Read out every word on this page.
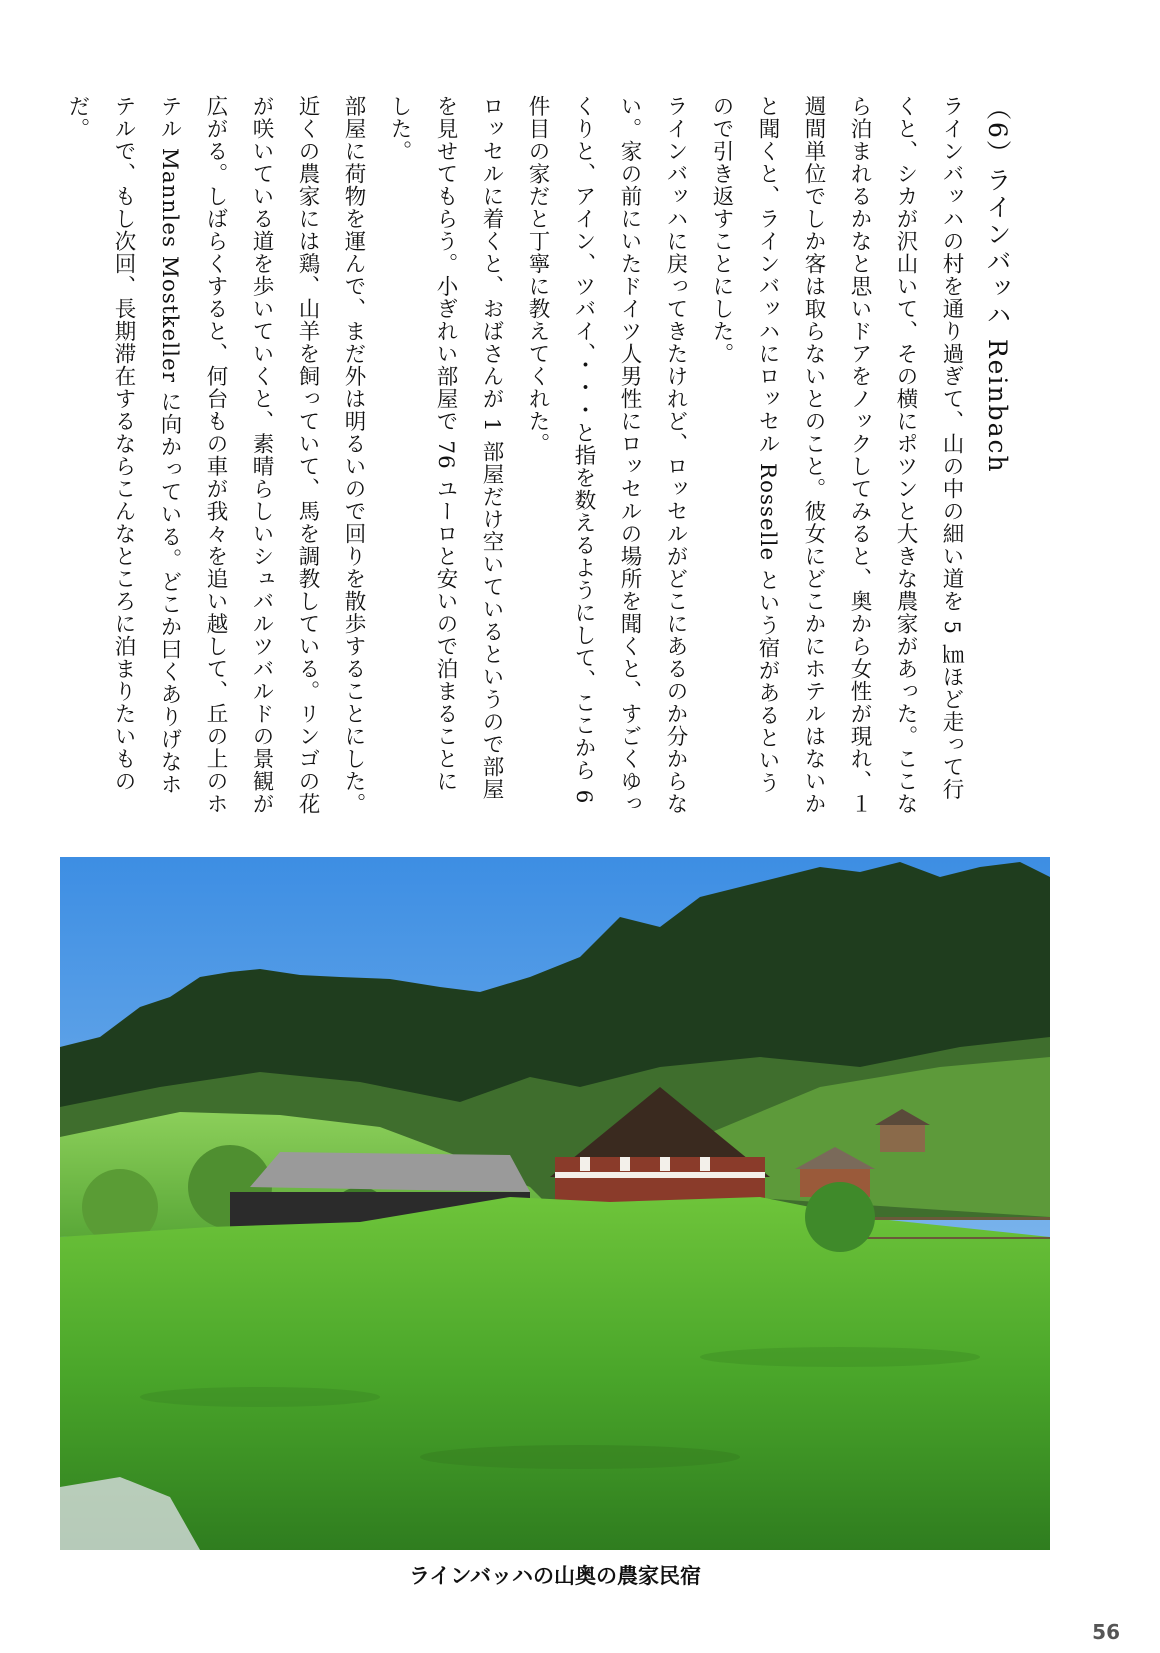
（6）ラインバッハ Reinbach

ラインバッハの村を通り過ぎて、山の中の細い道を 5 ㎞ほど走って行くと、シカが沢山いて、その横にポツンと大きな農家があった。ここなら泊まれるかなと思いドアをノックしてみると、奥から女性が現れ、１週間単位でしか客は取らないとのこと。彼女にどこかにホテルはないかと聞くと、ラインバッハにロッセル Rosselle という宿があるというので引き返すことにした。

ラインバッハに戻ってきたけれど、ロッセルがどこにあるのか分からない。家の前にいたドイツ人男性にロッセルの場所を聞くと、すごくゆっくりと、アイン、ツバイ、・・・と指を数えるようにして、ここから 6 件目の家だと丁寧に教えてくれた。

ロッセルに着くと、おばさんが 1 部屋だけ空いているというので部屋を見せてもらう。小ぎれい部屋で 76 ユーロと安いので泊まることにした。

部屋に荷物を運んで、まだ外は明るいので回りを散歩することにした。近くの農家には鶏、山羊を飼っていて、馬を調教している。リンゴの花が咲いている道を歩いていくと、素晴らしいシュバルツバルドの景観が広がる。しばらくすると、何台もの車が我々を追い越して、丘の上のホテル Mannles Mostkeller に向かっている。どこか曰くありげなホテルで、もし次回、長期滞在するならこんなところに泊まりたいものだ。

ラインバッハの山奥の農家民宿
56
